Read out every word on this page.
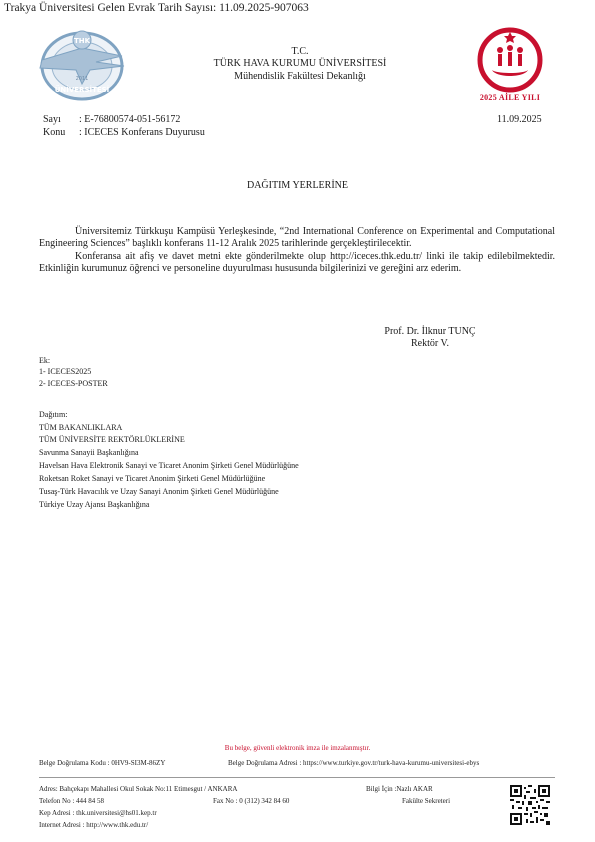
Trakya Üniversitesi Gelen Evrak Tarih Sayısı: 11.09.2025-907063
THK
ÜNİVERSİTESİ
2011
T.C.
TÜRK HAVA KURUMU ÜNİVERSİTESİ
Mühendislik Fakültesi Dekanlığı
2025 AİLE YILI
Sayı : E-76800574-051-56172
Konu : ICECES Konferans Duyurusu
11.09.2025
DAĞITIM YERLERİNE
Üniversitemiz Türkkuşu Kampüsü Yerleşkesinde, “2nd International Conference on Experimental and Computational Engineering Sciences” başlıklı konferans 11-12 Aralık 2025 tarihlerinde gerçekleştirilecektir.
Konferansa ait afiş ve davet metni ekte gönderilmekte olup http://iceces.thk.edu.tr/ linki ile takip edilebilmektedir. Etkinliğin kurumunuz öğrenci ve personeline duyurulması hususunda bilgilerinizi ve gereğini arz ederim.
Prof. Dr. İlknur TUNÇ
Rektör V.
Ek:
1- ICECES2025
2- ICECES-POSTER
Dağıtım:
TÜM BAKANLIKLARA
TÜM ÜNİVERSİTE REKTÖRLÜKLERİNE
Savunma Sanayii Başkanlığına
Havelsan Hava Elektronik Sanayi ve Ticaret Anonim Şirketi Genel Müdürlüğüne
Roketsan Roket Sanayi ve Ticaret Anonim Şirketi Genel Müdürlüğüne
Tusaş-Türk Havacılık ve Uzay Sanayi Anonim Şirketi Genel Müdürlüğüne
Türkiye Uzay Ajansı Başkanlığına
Bu belge, güvenli elektronik imza ile imzalanmıştır.
Belge Doğrulama Kodu : 0HV9-SI3M-86ZY	Belge Doğrulama Adresi : https://www.turkiye.gov.tr/turk-hava-kurumu-universitesi-ebys
Adres: Bahçekapı Mahallesi Okul Sokak No:11 Etimesgut / ANKARA	Bilgi İçin :Nazlı AKAR
Telefon No : 444 84 58	Fax No : 0 (312) 342 84 60	Fakülte Sekreteri
Kep Adresi : thk.universitesi@hs01.kep.tr
Internet Adresi : http://www.thk.edu.tr/
